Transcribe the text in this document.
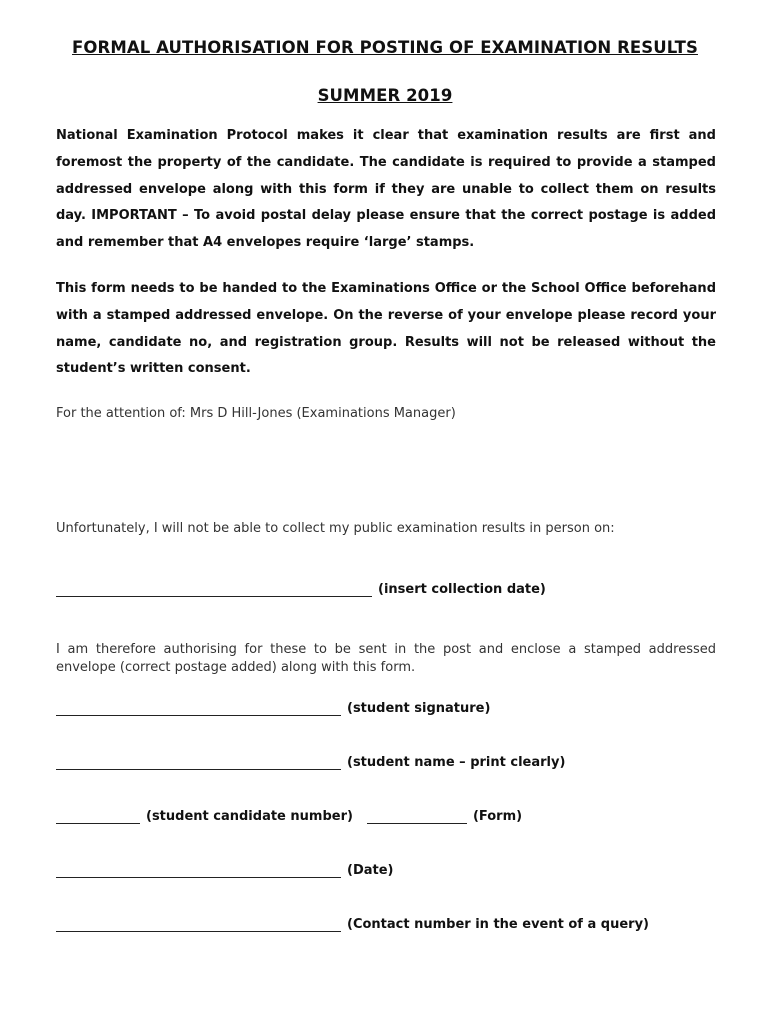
FORMAL AUTHORISATION FOR POSTING OF EXAMINATION RESULTS
SUMMER 2019

National Examination Protocol makes it clear that examination results are first and foremost the property of the candidate. The candidate is required to provide a stamped addressed envelope along with this form if they are unable to collect them on results day. IMPORTANT – To avoid postal delay please ensure that the correct postage is added and remember that A4 envelopes require ‘large’ stamps.

This form needs to be handed to the Examinations Office or the School Office beforehand with a stamped addressed envelope. On the reverse of your envelope please record your name, candidate no, and registration group. Results will not be released without the student’s written consent.

For the attention of: Mrs D Hill-Jones (Examinations Manager)

Unfortunately, I will not be able to collect my public examination results in person on:

(insert collection date)

I am therefore authorising for these to be sent in the post and enclose a stamped addressed envelope (correct postage added) along with this form.

(student signature)
(student name – print clearly)
(student candidate number)	(Form)
(Date)
(Contact number in the event of a query)
